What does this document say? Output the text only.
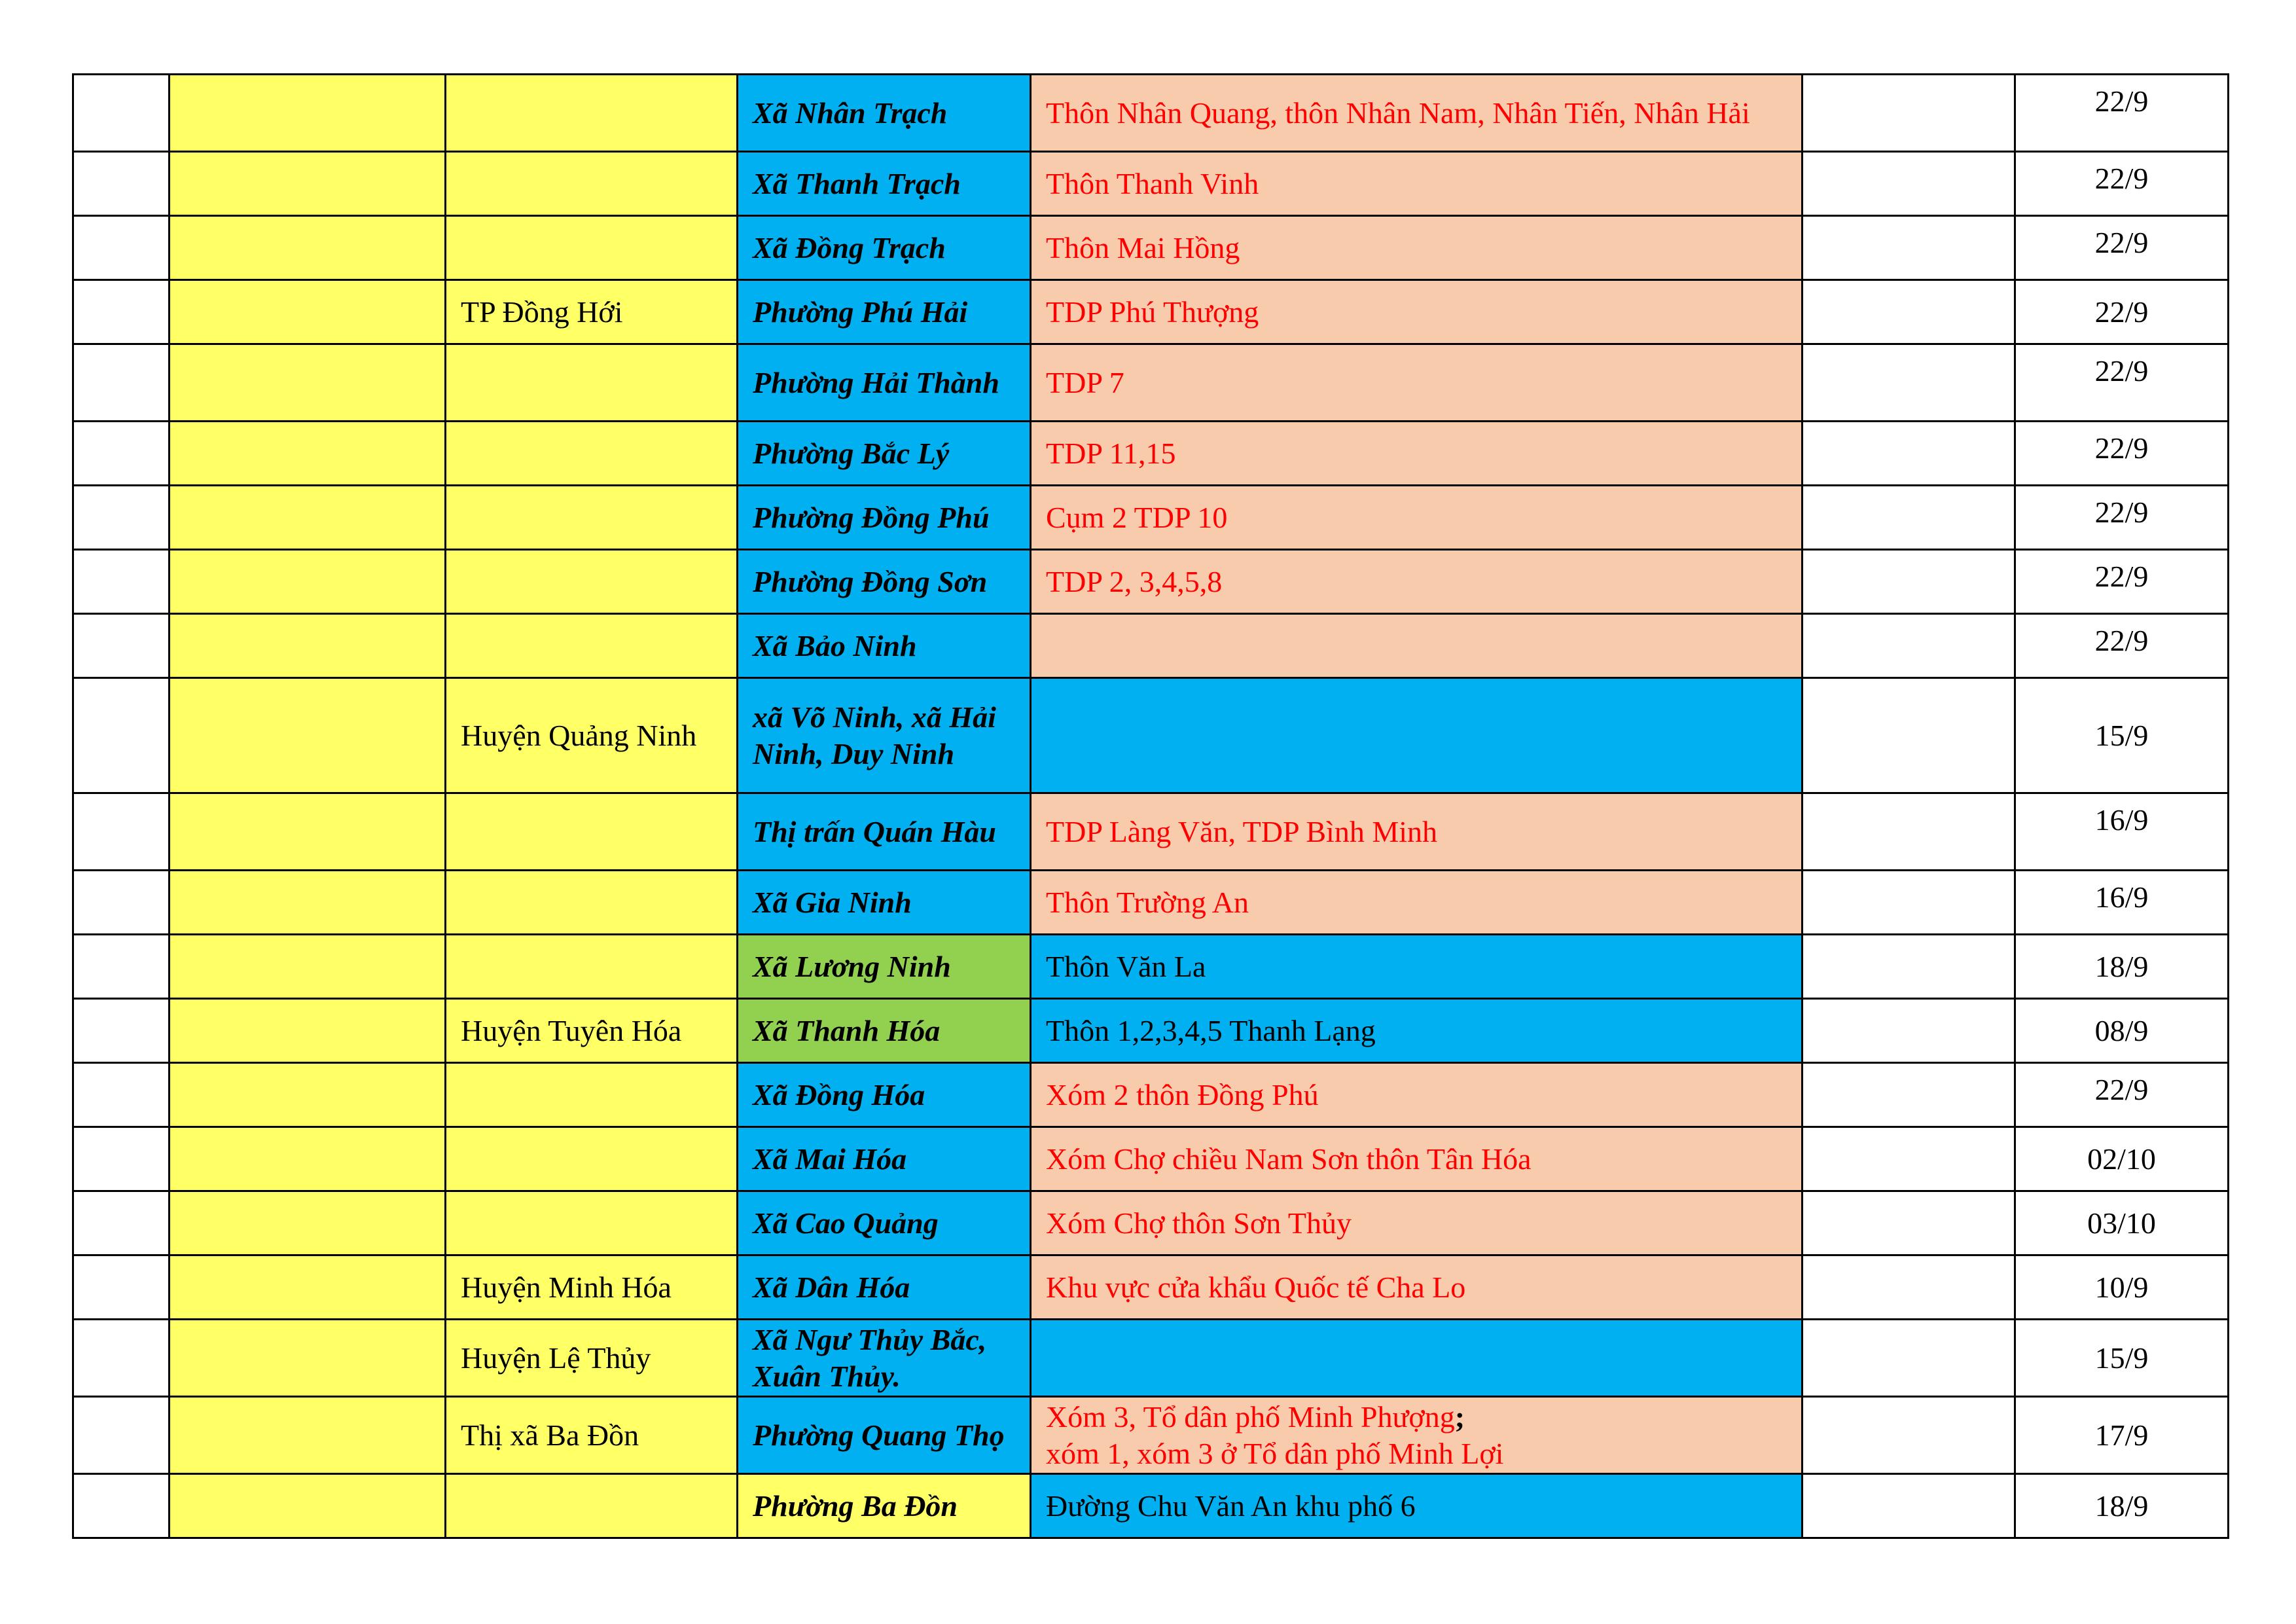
			Xã Nhân Trạch	Thôn Nhân Quang, thôn Nhân Nam, Nhân Tiến, Nhân Hải		22/9
			Xã Thanh Trạch	Thôn Thanh Vinh		22/9
			Xã Đồng Trạch	Thôn Mai Hồng		22/9
		TP Đồng Hới	Phường Phú Hải	TDP Phú Thượng		22/9
			Phường Hải Thành	TDP 7		22/9
			Phường Bắc Lý	TDP 11,15		22/9
			Phường Đồng Phú	Cụm 2 TDP 10		22/9
			Phường Đồng Sơn	TDP 2, 3,4,5,8		22/9
			Xã Bảo Ninh			22/9
		Huyện Quảng Ninh	xã Võ Ninh, xã Hải Ninh, Duy Ninh			15/9
			Thị trấn Quán Hàu	TDP Làng Văn, TDP Bình Minh		16/9
			Xã Gia Ninh	Thôn Trường An		16/9
			Xã Lương Ninh	Thôn Văn La		18/9
		Huyện Tuyên Hóa	Xã Thanh Hóa	Thôn 1,2,3,4,5 Thanh Lạng		08/9
			Xã Đồng Hóa	Xóm 2 thôn Đồng Phú		22/9
			Xã Mai Hóa	Xóm Chợ chiều Nam Sơn thôn Tân Hóa		02/10
			Xã Cao Quảng	Xóm Chợ thôn Sơn Thủy		03/10
		Huyện Minh Hóa	Xã Dân Hóa	Khu vực cửa khẩu Quốc tế Cha Lo		10/9
		Huyện Lệ Thủy	Xã Ngư Thủy Bắc, Xuân Thủy.			15/9
		Thị xã Ba Đồn	Phường Quang Thọ	Xóm 3, Tổ dân phố Minh Phượng;
xóm 1, xóm 3 ở Tổ dân phố Minh Lợi		17/9
			Phường Ba Đồn	Đường Chu Văn An khu phố 6		18/9
